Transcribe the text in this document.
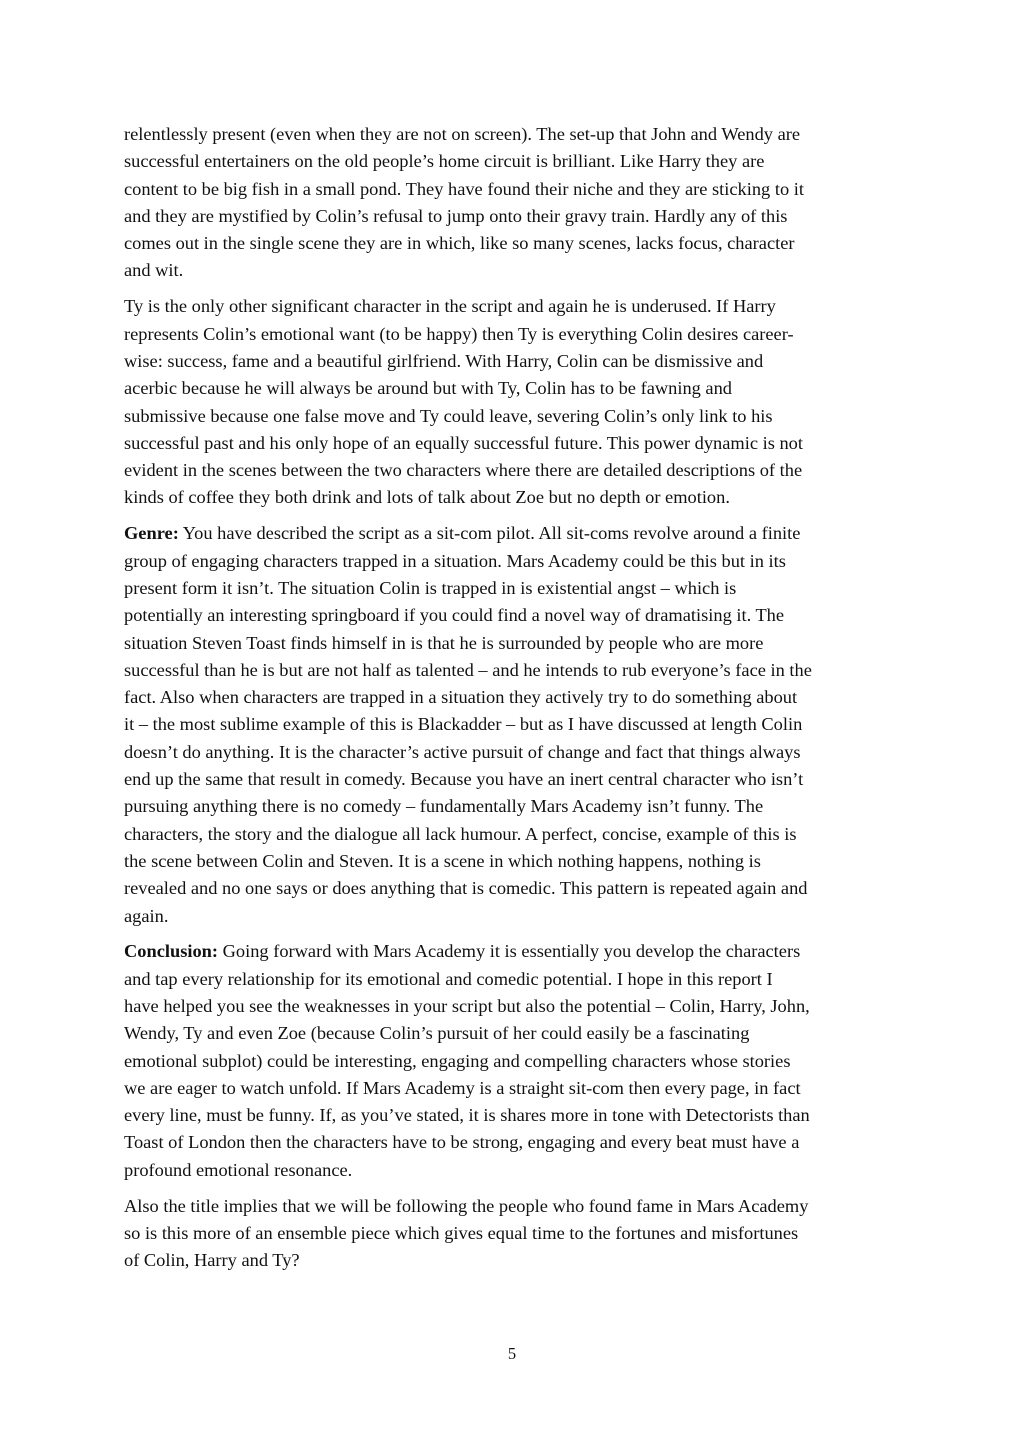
relentlessly present (even when they are not on screen). The set-up that John and Wendy are
successful entertainers on the old people’s home circuit is brilliant. Like Harry they are
content to be big fish in a small pond. They have found their niche and they are sticking to it
and they are mystified by Colin’s refusal to jump onto their gravy train. Hardly any of this
comes out in the single scene they are in which, like so many scenes, lacks focus, character
and wit.

Ty is the only other significant character in the script and again he is underused. If Harry
represents Colin’s emotional want (to be happy) then Ty is everything Colin desires career-
wise: success, fame and a beautiful girlfriend. With Harry, Colin can be dismissive and
acerbic because he will always be around but with Ty, Colin has to be fawning and
submissive because one false move and Ty could leave, severing Colin’s only link to his
successful past and his only hope of an equally successful future. This power dynamic is not
evident in the scenes between the two characters where there are detailed descriptions of the
kinds of coffee they both drink and lots of talk about Zoe but no depth or emotion.

Genre: You have described the script as a sit-com pilot. All sit-coms revolve around a finite
group of engaging characters trapped in a situation. Mars Academy could be this but in its
present form it isn’t. The situation Colin is trapped in is existential angst – which is
potentially an interesting springboard if you could find a novel way of dramatising it. The
situation Steven Toast finds himself in is that he is surrounded by people who are more
successful than he is but are not half as talented – and he intends to rub everyone’s face in the
fact. Also when characters are trapped in a situation they actively try to do something about
it – the most sublime example of this is Blackadder – but as I have discussed at length Colin
doesn’t do anything. It is the character’s active pursuit of change and fact that things always
end up the same that result in comedy. Because you have an inert central character who isn’t
pursuing anything there is no comedy – fundamentally Mars Academy isn’t funny. The
characters, the story and the dialogue all lack humour. A perfect, concise, example of this is
the scene between Colin and Steven. It is a scene in which nothing happens, nothing is
revealed and no one says or does anything that is comedic. This pattern is repeated again and
again.

Conclusion: Going forward with Mars Academy it is essentially you develop the characters
and tap every relationship for its emotional and comedic potential. I hope in this report I
have helped you see the weaknesses in your script but also the potential – Colin, Harry, John,
Wendy, Ty and even Zoe (because Colin’s pursuit of her could easily be a fascinating
emotional subplot) could be interesting, engaging and compelling characters whose stories
we are eager to watch unfold. If Mars Academy is a straight sit-com then every page, in fact
every line, must be funny. If, as you’ve stated, it is shares more in tone with Detectorists than
Toast of London then the characters have to be strong, engaging and every beat must have a
profound emotional resonance.

Also the title implies that we will be following the people who found fame in Mars Academy
so is this more of an ensemble piece which gives equal time to the fortunes and misfortunes
of Colin, Harry and Ty?

5
